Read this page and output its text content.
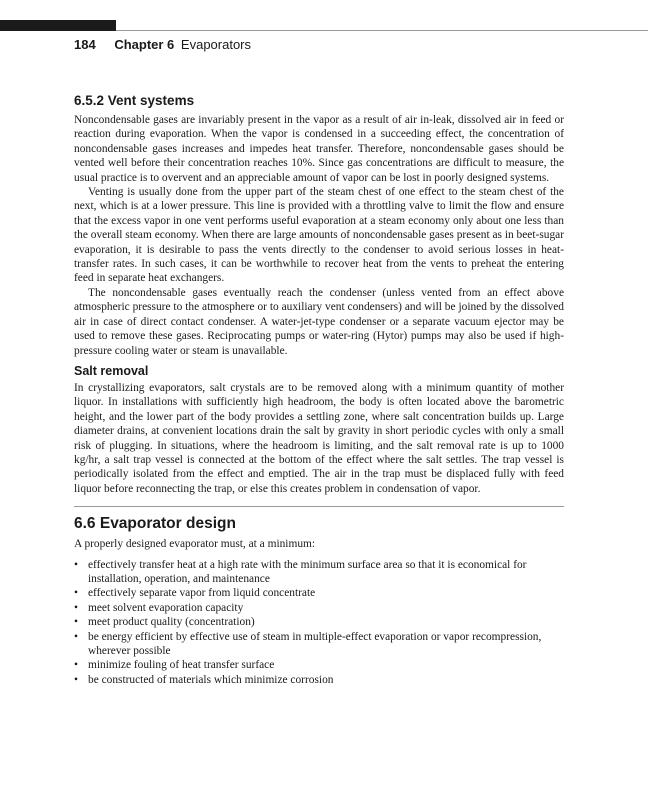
184 Chapter 6 Evaporators
6.5.2 Vent systems

Noncondensable gases are invariably present in the vapor as a result of air in-leak, dissolved air in feed or reaction during evaporation. When the vapor is condensed in a succeeding effect, the concentration of noncondensable gases increases and impedes heat transfer. Therefore, noncondensable gases should be vented well before their concentration reaches 10%. Since gas concentrations are difficult to measure, the usual practice is to overvent and an appreciable amount of vapor can be lost in poorly designed systems.

Venting is usually done from the upper part of the steam chest of one effect to the steam chest of the next, which is at a lower pressure. This line is provided with a throttling valve to limit the flow and ensure that the excess vapor in one vent performs useful evaporation at a steam economy only about one less than the overall steam economy. When there are large amounts of noncondensable gases present as in beet-sugar evaporation, it is desirable to pass the vents directly to the condenser to avoid serious losses in heat-transfer rates. In such cases, it can be worthwhile to recover heat from the vents to preheat the entering feed in separate heat exchangers.

The noncondensable gases eventually reach the condenser (unless vented from an effect above atmospheric pressure to the atmosphere or to auxiliary vent condensers) and will be joined by the dissolved air in case of direct contact condenser. A water-jet-type condenser or a separate vacuum ejector may be used to remove these gases. Reciprocating pumps or water-ring (Hytor) pumps may also be used if high-pressure cooling water or steam is unavailable.

Salt removal

In crystallizing evaporators, salt crystals are to be removed along with a minimum quantity of mother liquor. In installations with sufficiently high headroom, the body is often located above the barometric height, and the lower part of the body provides a settling zone, where salt concentration builds up. Large diameter drains, at convenient locations drain the salt by gravity in short periodic cycles with only a small risk of plugging. In situations, where the headroom is limiting, and the salt removal rate is up to 1000 kg/hr, a salt trap vessel is connected at the bottom of the effect where the salt settles. The trap vessel is periodically isolated from the effect and emptied. The air in the trap must be displaced fully with feed liquor before reconnecting the trap, or else this creates problem in condensation of vapor.

6.6 Evaporator design

A properly designed evaporator must, at a minimum:

• effectively transfer heat at a high rate with the minimum surface area so that it is economical for installation, operation, and maintenance
• effectively separate vapor from liquid concentrate
• meet solvent evaporation capacity
• meet product quality (concentration)
• be energy efficient by effective use of steam in multiple-effect evaporation or vapor recompression, wherever possible
• minimize fouling of heat transfer surface
• be constructed of materials which minimize corrosion
